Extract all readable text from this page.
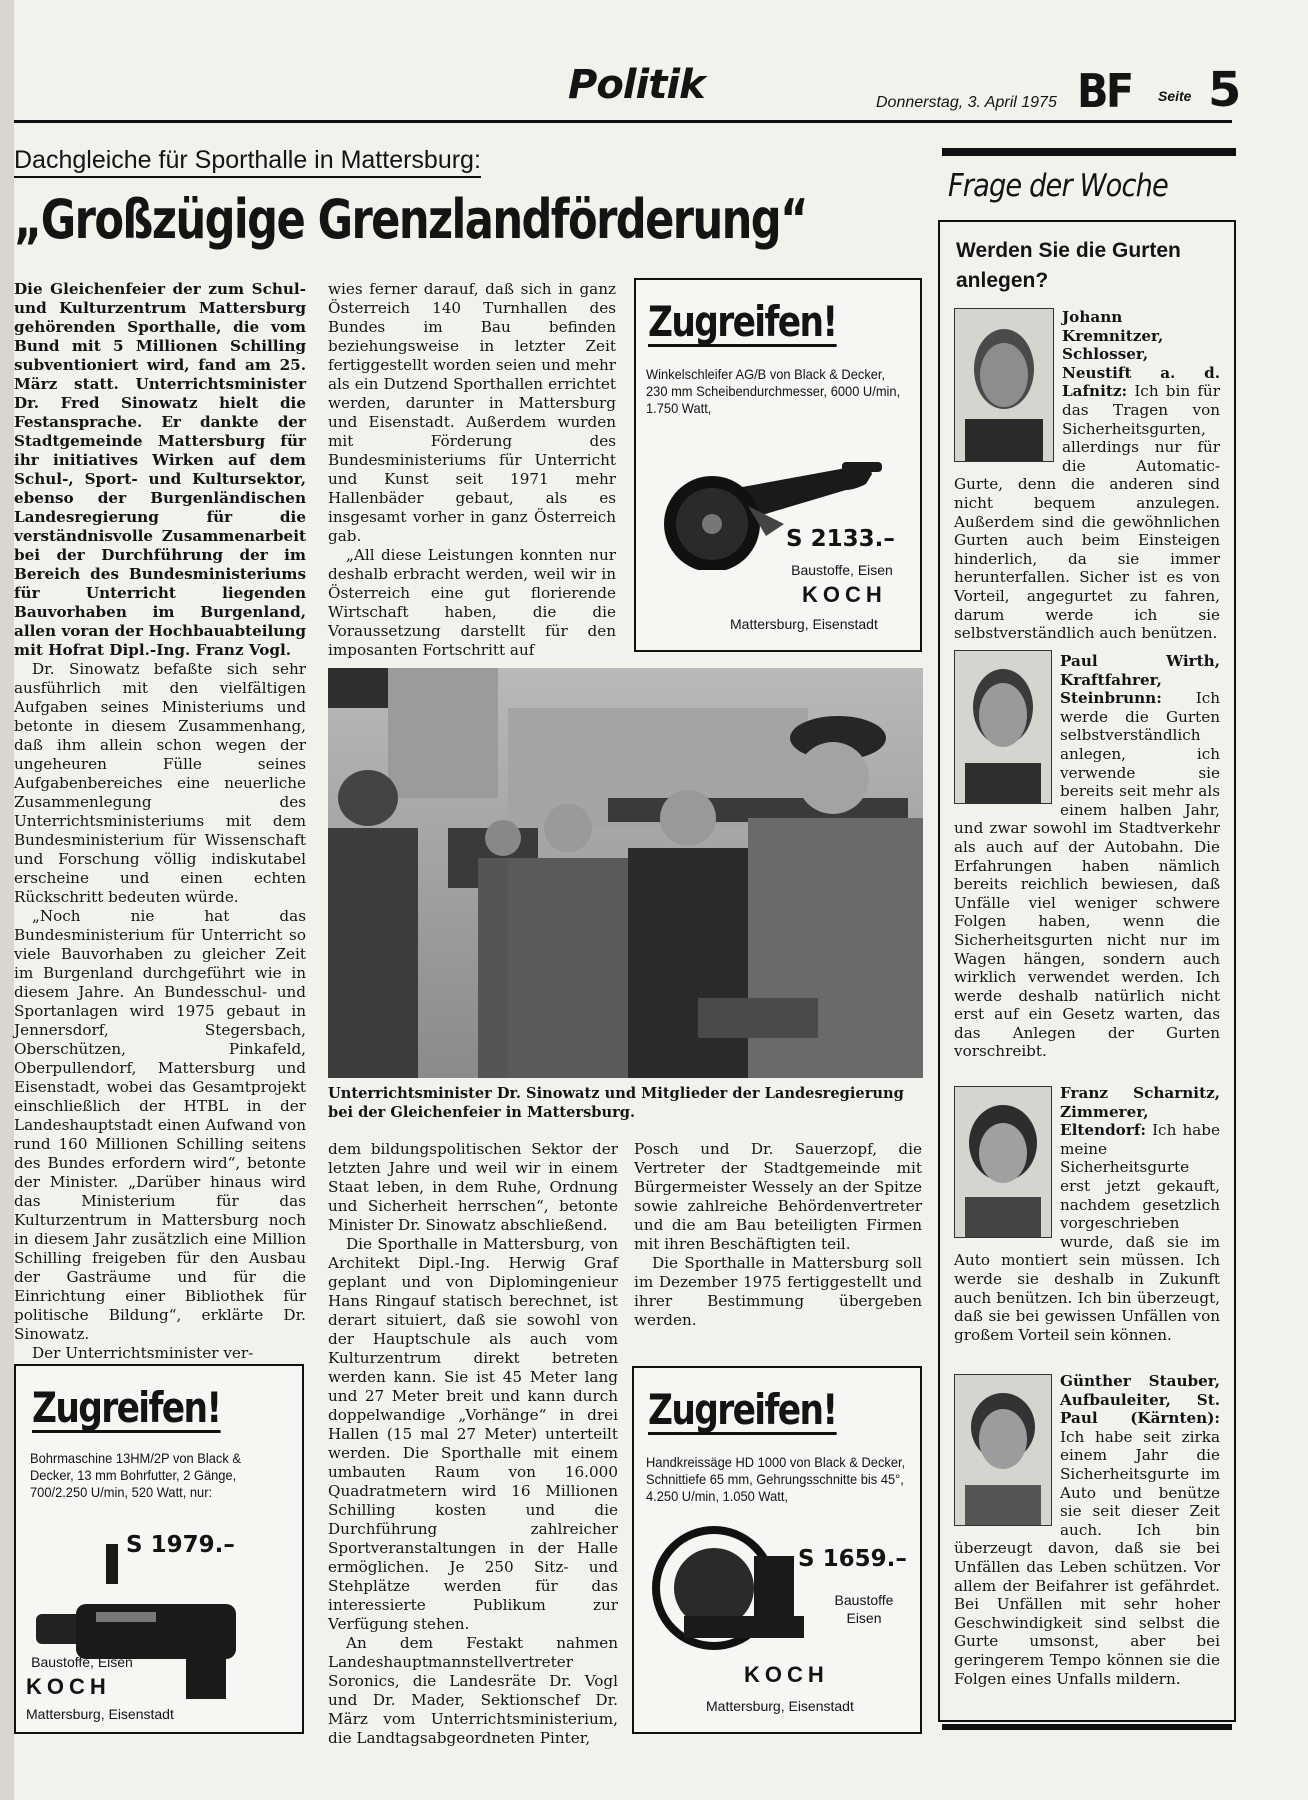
Politik	Donnerstag, 3. April 1975 BF Seite 5
Dachgleiche für Sporthalle in Mattersburg:
„Großzügige Grenzlandförderung“

Die Gleichenfeier der zum Schul- und Kulturzentrum Mattersburg gehörenden Sporthalle, die vom Bund mit 5 Millionen Schilling subventioniert wird, fand am 25. März statt. Unterrichtsminister Dr. Fred Sinowatz hielt die Festansprache. Er dankte der Stadtgemeinde Mattersburg für ihr initiatives Wirken auf dem Schul-, Sport- und Kultursektor, ebenso der Burgenländischen Landesregierung für die verständnisvolle Zusammenarbeit bei der Durchführung der im Bereich des Bundesministeriums für Unterricht liegenden Bauvorhaben im Burgenland, allen voran der Hochbauabteilung mit Hofrat Dipl.-Ing. Franz Vogl.

Dr. Sinowatz befaßte sich sehr ausführlich mit den vielfältigen Aufgaben seines Ministeriums und betonte in diesem Zusammenhang, daß ihm allein schon wegen der ungeheuren Fülle seines Aufgabenbereiches eine neuerliche Zusammenlegung des Unterrichtsministeriums mit dem Bundesministerium für Wissenschaft und Forschung völlig indiskutabel erscheine und einen echten Rückschritt bedeuten würde.

„Noch nie hat das Bundesministerium für Unterricht so viele Bauvorhaben zu gleicher Zeit im Burgenland durchgeführt wie in diesem Jahre. An Bundesschul- und Sportanlagen wird 1975 gebaut in Jennersdorf, Stegersbach, Oberschützen, Pinkafeld, Oberpullendorf, Mattersburg und Eisenstadt, wobei das Gesamtprojekt einschließlich der HTBL in der Landeshauptstadt einen Aufwand von rund 160 Millionen Schilling seitens des Bundes erfordern wird“, betonte der Minister. „Darüber hinaus wird das Ministerium für das Kulturzentrum in Mattersburg noch in diesem Jahr zusätzlich eine Million Schilling freigeben für den Ausbau der Gasträume und für die Einrichtung einer Bibliothek für politische Bildung“, erklärte Dr. Sinowatz.

Der Unterrichtsminister ver-

wies ferner darauf, daß sich in ganz Österreich 140 Turnhallen des Bundes im Bau befinden beziehungsweise in letzter Zeit fertiggestellt worden seien und mehr als ein Dutzend Sporthallen errichtet werden, darunter in Mattersburg und Eisenstadt. Außerdem wurden mit Förderung des Bundesministeriums für Unterricht und Kunst seit 1971 mehr Hallenbäder gebaut, als es insgesamt vorher in ganz Österreich gab.

„All diese Leistungen konnten nur deshalb erbracht werden, weil wir in Österreich eine gut florierende Wirtschaft haben, die die Voraussetzung darstellt für den imposanten Fortschritt auf

Zugreifen!
Winkelschleifer AG/B von Black & Decker, 230 mm Scheibendurchmesser, 6000 U/min, 1.750 Watt,
S 2133.–
Baustoffe, Eisen
KOCH
Mattersburg, Eisenstadt
Unterrichtsminister Dr. Sinowatz und Mitglieder der Landesregierung bei der Gleichenfeier in Mattersburg.

dem bildungspolitischen Sektor der letzten Jahre und weil wir in einem Staat leben, in dem Ruhe, Ordnung und Sicherheit herrschen“, betonte Minister Dr. Sinowatz abschließend.

Die Sporthalle in Mattersburg, von Architekt Dipl.-Ing. Herwig Graf geplant und von Diplomingenieur Hans Ringauf statisch berechnet, ist derart situiert, daß sie sowohl von der Hauptschule als auch vom Kulturzentrum direkt betreten werden kann. Sie ist 45 Meter lang und 27 Meter breit und kann durch doppelwandige „Vorhänge“ in drei Hallen (15 mal 27 Meter) unterteilt werden. Die Sporthalle mit einem umbauten Raum von 16.000 Quadratmetern wird 16 Millionen Schilling kosten und die Durchführung zahlreicher Sportveranstaltungen in der Halle ermöglichen. Je 250 Sitz- und Stehplätze werden für das interessierte Publikum zur Verfügung stehen.

An dem Festakt nahmen Landeshauptmannstellvertreter Soronics, die Landesräte Dr. Vogl und Dr. Mader, Sektionschef Dr. März vom Unterrichtsministerium, die Landtagsabgeordneten Pinter,

Posch und Dr. Sauerzopf, die Vertreter der Stadtgemeinde mit Bürgermeister Wessely an der Spitze sowie zahlreiche Behördenvertreter und die am Bau beteiligten Firmen mit ihren Beschäftigten teil.

Die Sporthalle in Mattersburg soll im Dezember 1975 fertiggestellt und ihrer Bestimmung übergeben werden.

Zugreifen!
Bohrmaschine 13HM/2P von Black & Decker, 13 mm Bohrfutter, 2 Gänge, 700/2.250 U/min, 520 Watt, nur:
S 1979.–
Baustoffe, Eisen
KOCH
Mattersburg, Eisenstadt
Zugreifen!
Handkreissäge HD 1000 von Black & Decker, Schnittiefe 65 mm, Gehrungsschnitte bis 45°, 4.250 U/min, 1.050 Watt,
S 1659.–
Baustoffe
Eisen
KOCH
Mattersburg, Eisenstadt
Frage der Woche
Werden Sie die Gurten anlegen?
Johann Kremnitzer, Schlosser, Neustift a. d. Lafnitz: Ich bin für das Tragen von Sicherheitsgurten, allerdings nur für die Automatic-Gurte, denn die anderen sind nicht bequem anzulegen. Außerdem sind die gewöhnlichen Gurten auch beim Einsteigen hinderlich, da sie immer herunterfallen. Sicher ist es von Vorteil, angegurtet zu fahren, darum werde ich sie selbstverständlich auch benützen.
Paul Wirth, Kraftfahrer, Steinbrunn: Ich werde die Gurten selbstverständlich anlegen, ich verwende sie bereits seit mehr als einem halben Jahr, und zwar sowohl im Stadtverkehr als auch auf der Autobahn. Die Erfahrungen haben nämlich bereits reichlich bewiesen, daß Unfälle viel weniger schwere Folgen haben, wenn die Sicherheitsgurten nicht nur im Wagen hängen, sondern auch wirklich verwendet werden. Ich werde deshalb natürlich nicht erst auf ein Gesetz warten, das das Anlegen der Gurten vorschreibt.
Franz Scharnitz, Zimmerer, Eltendorf: Ich habe meine Sicherheitsgurte erst jetzt gekauft, nachdem gesetzlich vorgeschrieben wurde, daß sie im Auto montiert sein müssen. Ich werde sie deshalb in Zukunft auch benützen. Ich bin überzeugt, daß sie bei gewissen Unfällen von großem Vorteil sein können.
Günther Stauber, Aufbauleiter, St. Paul (Kärnten): Ich habe seit zirka einem Jahr die Sicherheitsgurte im Auto und benütze sie seit dieser Zeit auch. Ich bin überzeugt davon, daß sie bei Unfällen das Leben schützen. Vor allem der Beifahrer ist gefährdet. Bei Unfällen mit sehr hoher Geschwindigkeit sind selbst die Gurte umsonst, aber bei geringerem Tempo können sie die Folgen eines Unfalls mildern.
